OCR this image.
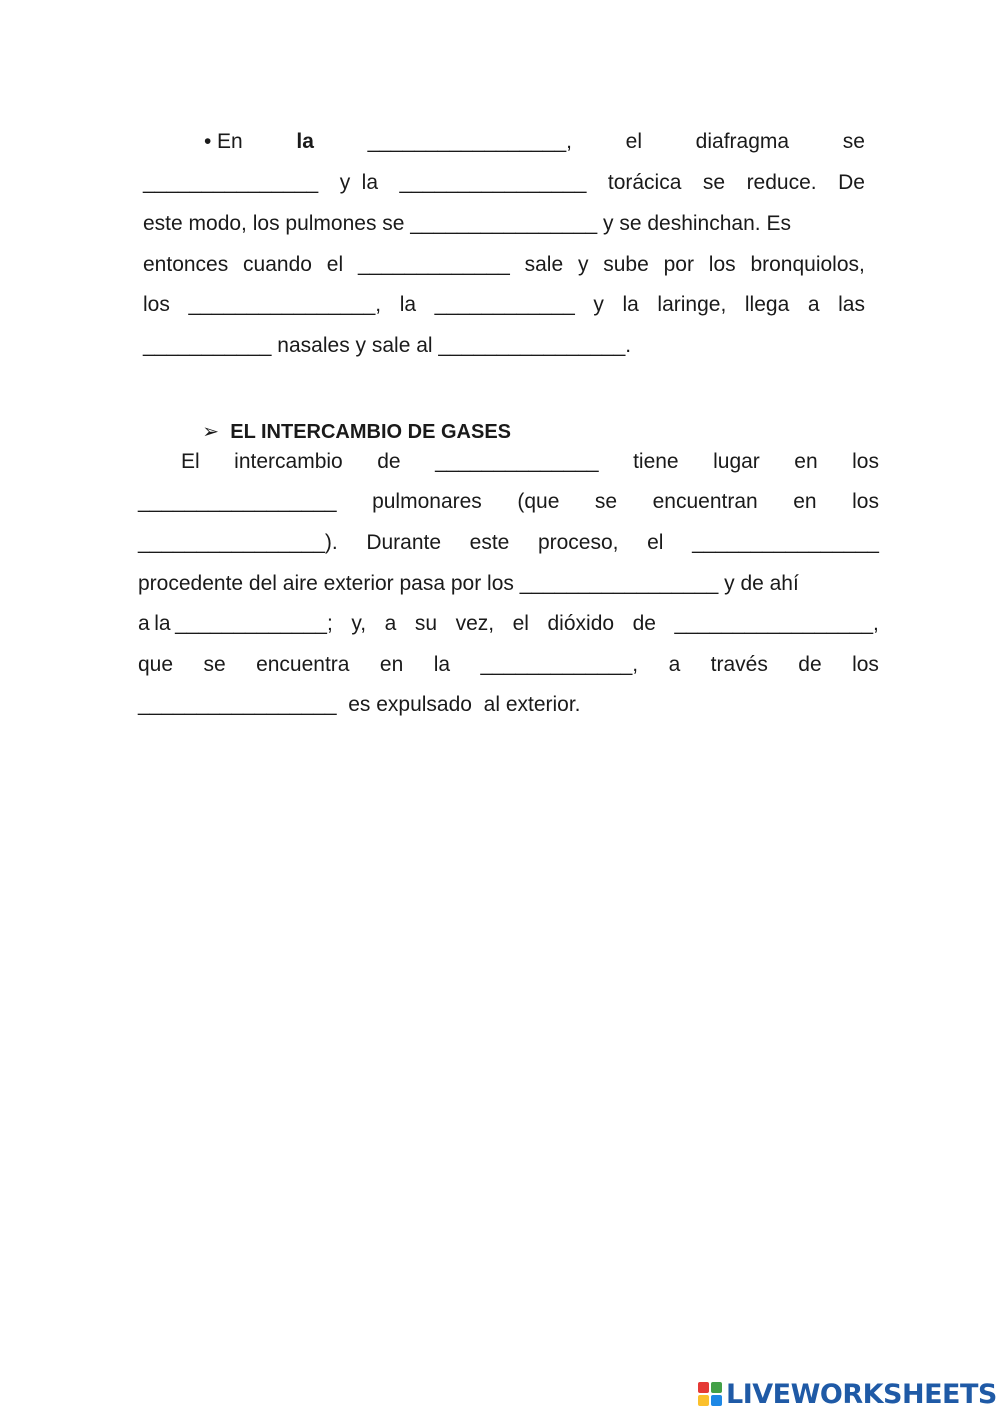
• En	la	_________________,	el	diafragma	se
_______________ y la ________________ torácica se reduce. De
este modo, los pulmones se ________________ y se deshinchan. Es
entonces cuando el _____________ sale y sube por los bronquiolos,
los ________________, la ____________ y la laringe, llega a las
___________ nasales y sale al ________________.

➢ EL INTERCAMBIO DE GASES

El intercambio de ______________ tiene lugar en los
_________________ pulmonares (que se encuentran en los
________________). Durante este proceso, el ________________
procedente del aire exterior pasa por los _________________ y de ahí
a la _____________; y, a su vez, el dióxido de _________________,
que se encuentra en la _____________, a través de los
_________________  es expulsado  al exterior.
LIVEWORKSHEETS
